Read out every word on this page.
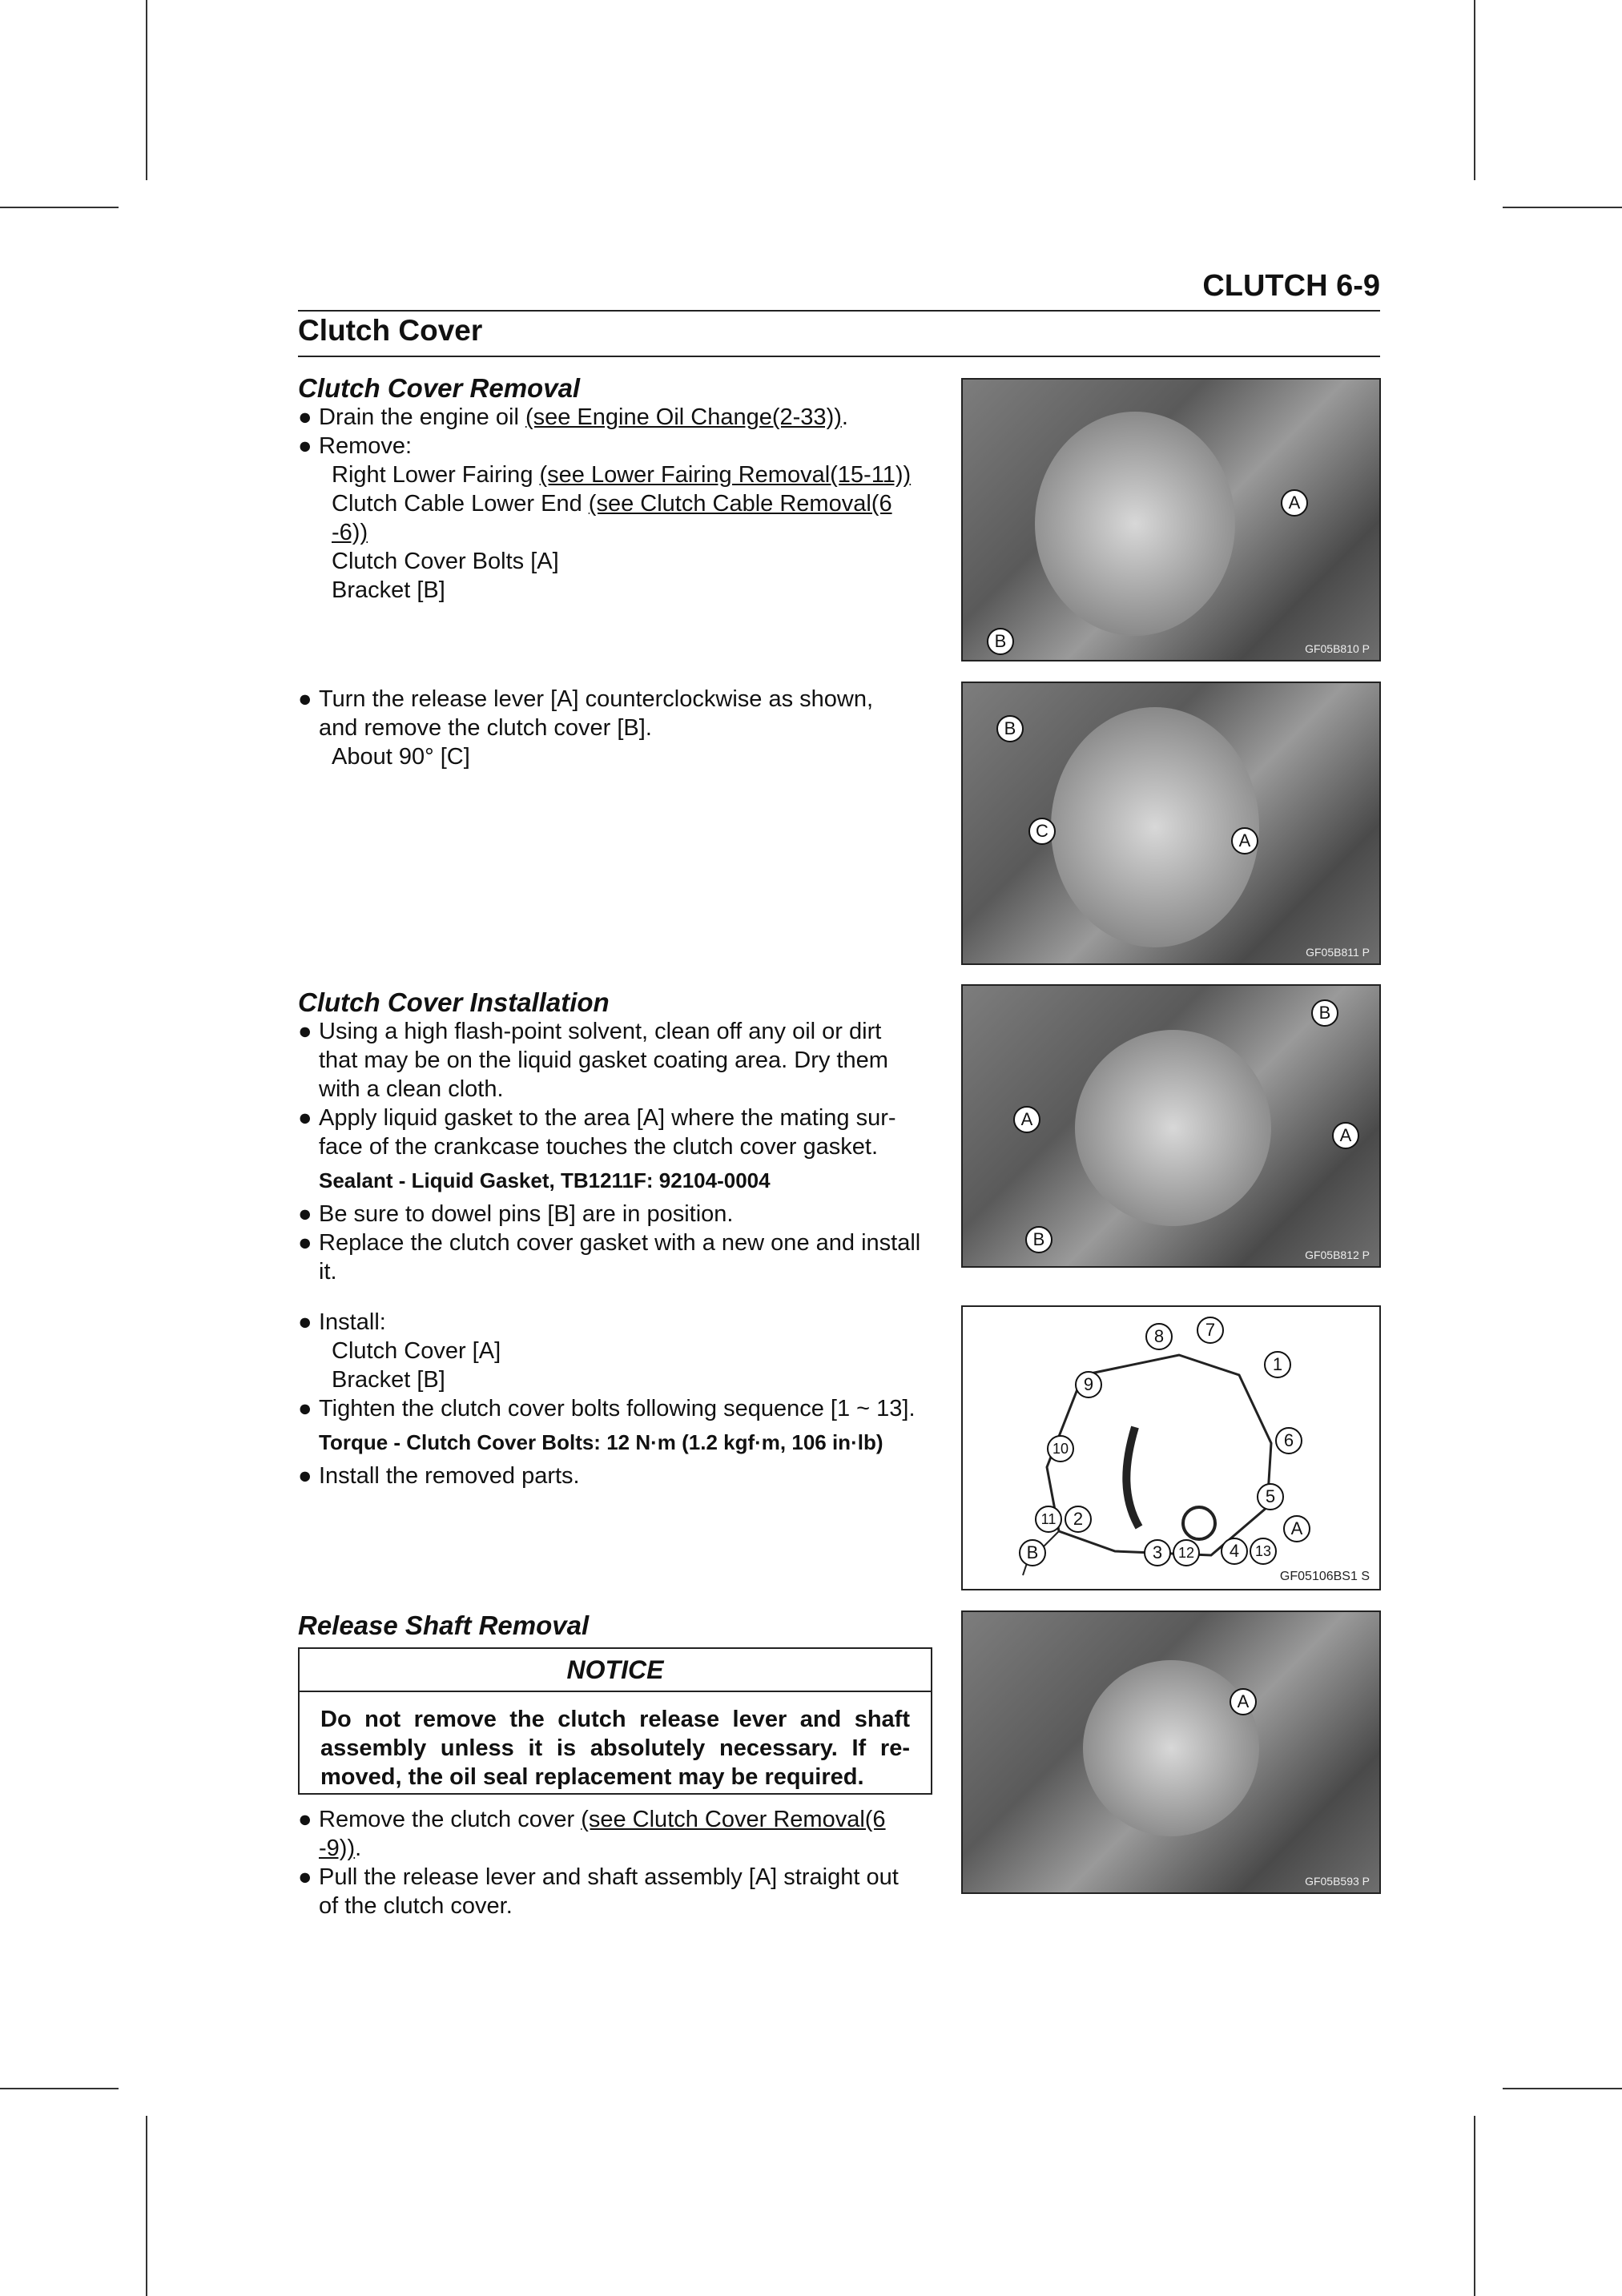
CLUTCH 6-9
Clutch Cover
Clutch Cover Removal
● Drain the engine oil (see Engine Oil Change(2-33)).
● Remove:
Right Lower Fairing (see Lower Fairing Removal(15-11))
Clutch Cable Lower End (see Clutch Cable Removal(6
-6))
Clutch Cover Bolts [A]
Bracket [B]
● Turn the release lever [A] counterclockwise as shown,
and remove the clutch cover [B].
About 90° [C]
A
B	GF05B810 P
B
C	A
GF05B811 P
Clutch Cover Installation
● Using a high flash-point solvent, clean off any oil or dirt
that may be on the liquid gasket coating area. Dry them
with a clean cloth.
● Apply liquid gasket to the area [A] where the mating sur-
face of the crankcase touches the clutch cover gasket.
Sealant - Liquid Gasket, TB1211F: 92104-0004
● Be sure to dowel pins [B] are in position.
● Replace the clutch cover gasket with a new one and install
it.
● Install:
Clutch Cover [A]
Bracket [B]
● Tighten the clutch cover bolts following sequence [1 ~ 13].
Torque - Clutch Cover Bolts: 12 N·m (1.2 kgf·m, 106 in·lb)
● Install the removed parts.
B
A
A
B
GF05B812 P
8	7
1
9
6
10
5
11 2	A
B	3	12	4	13
GF05106BS1 S
Release Shaft Removal
NOTICE
Do not remove the clutch release lever and shaft
assembly unless it is absolutely necessary. If re-
moved, the oil seal replacement may be required.
● Remove the clutch cover (see Clutch Cover Removal(6
-9)).
● Pull the release lever and shaft assembly [A] straight out
of the clutch cover.
A
GF05B593 P
